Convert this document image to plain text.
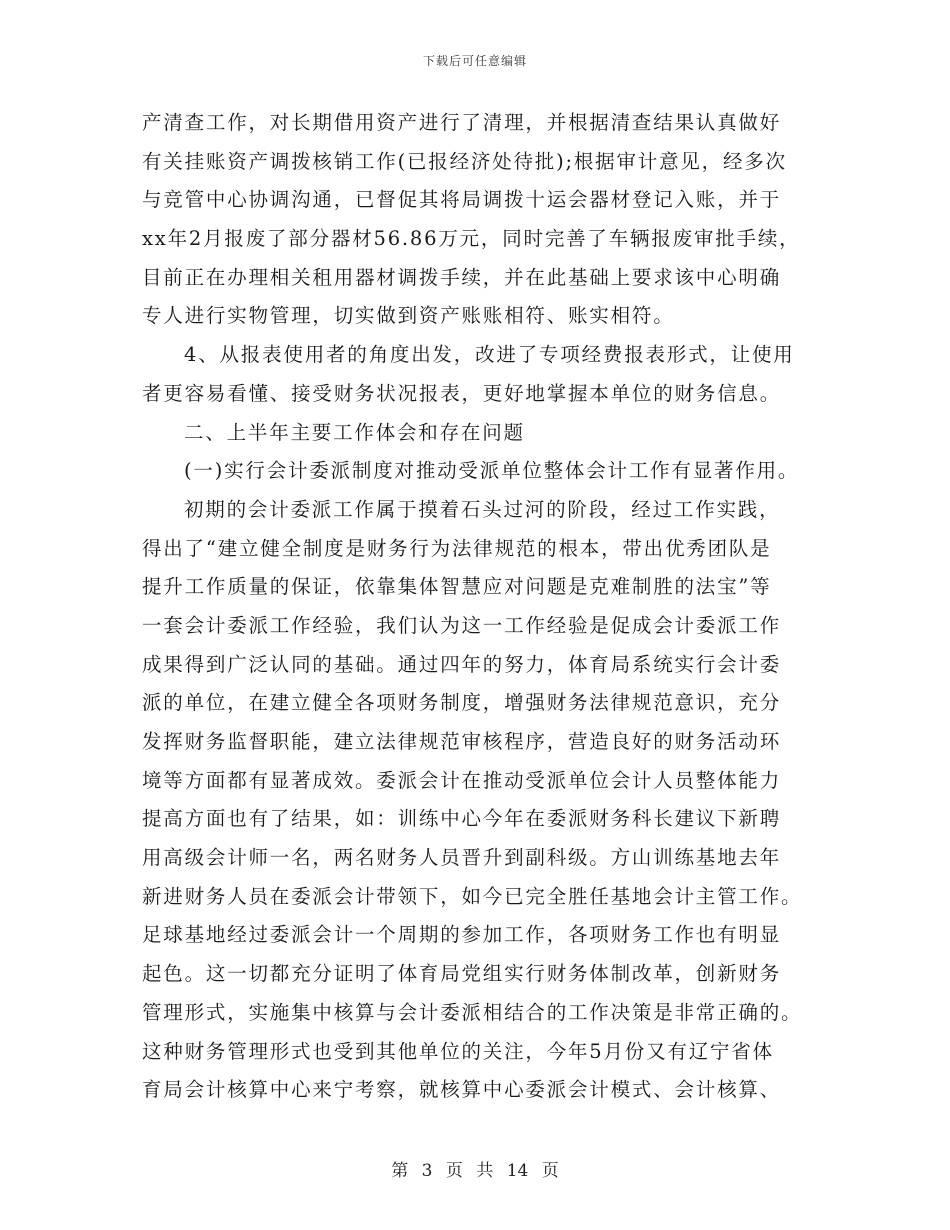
下载后可任意编辑
产清查工作，对长期借用资产进行了清理，并根据清查结果认真做好
有关挂账资产调拨核销工作(已报经济处待批);根据审计意见，经多次
与竞管中心协调沟通，已督促其将局调拨十运会器材登记入账，并于
xx年2月报废了部分器材56.86万元，同时完善了车辆报废审批手续，
目前正在办理相关租用器材调拨手续，并在此基础上要求该中心明确
专人进行实物管理，切实做到资产账账相符、账实相符。
4、从报表使用者的角度出发，改进了专项经费报表形式，让使用
者更容易看懂、接受财务状况报表，更好地掌握本单位的财务信息。
二、上半年主要工作体会和存在问题
(一)实行会计委派制度对推动受派单位整体会计工作有显著作用。
初期的会计委派工作属于摸着石头过河的阶段，经过工作实践，
得出了“建立健全制度是财务行为法律规范的根本，带出优秀团队是
提升工作质量的保证，依靠集体智慧应对问题是克难制胜的法宝”等
一套会计委派工作经验，我们认为这一工作经验是促成会计委派工作
成果得到广泛认同的基础。通过四年的努力，体育局系统实行会计委
派的单位，在建立健全各项财务制度，增强财务法律规范意识，充分
发挥财务监督职能，建立法律规范审核程序，营造良好的财务活动环
境等方面都有显著成效。委派会计在推动受派单位会计人员整体能力
提高方面也有了结果，如：训练中心今年在委派财务科长建议下新聘
用高级会计师一名，两名财务人员晋升到副科级。方山训练基地去年
新进财务人员在委派会计带领下，如今已完全胜任基地会计主管工作。
足球基地经过委派会计一个周期的参加工作，各项财务工作也有明显
起色。这一切都充分证明了体育局党组实行财务体制改革，创新财务
管理形式，实施集中核算与会计委派相结合的工作决策是非常正确的。
这种财务管理形式也受到其他单位的关注，今年5月份又有辽宁省体
育局会计核算中心来宁考察，就核算中心委派会计模式、会计核算、
第 3 页 共 14 页
